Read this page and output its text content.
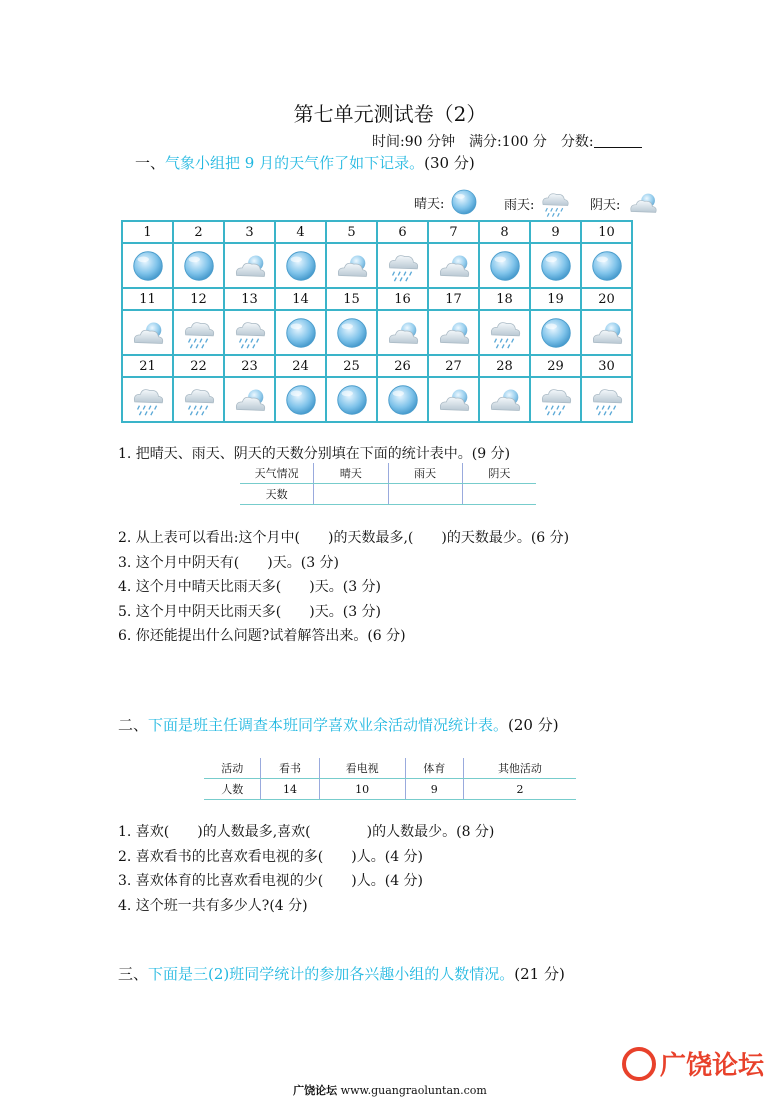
第七单元测试卷（2）
时间:90 分钟　满分:100 分　分数:
一、气象小组把 9 月的天气作了如下记录。(30 分)
晴天:	雨天:	阴天:
1	2	3	4	5	6	7	8	9	10

11	12	13	14	15	16	17	18	19	20

21	22	23	24	25	26	27	28	29	30

1. 把晴天、雨天、阴天的天数分别填在下面的统计表中。(9 分)
天气情况	晴天	雨天	阴天
天数			
2. 从上表可以看出:这个月中(　　)的天数最多,(　　)的天数最少。(6 分)
3. 这个月中阴天有(　　)天。(3 分)
4. 这个月中晴天比雨天多(　　)天。(3 分)
5. 这个月中阴天比雨天多(　　)天。(3 分)
6. 你还能提出什么问题?试着解答出来。(6 分)
二、下面是班主任调查本班同学喜欢业余活动情况统计表。(20 分)
活动	看书	看电视	体育	其他活动
人数	14	10	9	2
1. 喜欢(　　)的人数最多,喜欢(　　　　)的人数最少。(8 分)
2. 喜欢看书的比喜欢看电视的多(　　)人。(4 分)
3. 喜欢体育的比喜欢看电视的少(　　)人。(4 分)
4. 这个班一共有多少人?(4 分)
三、下面是三(2)班同学统计的参加各兴趣小组的人数情况。(21 分)
广饶论坛
广饶论坛 www.guangraoluntan.com
